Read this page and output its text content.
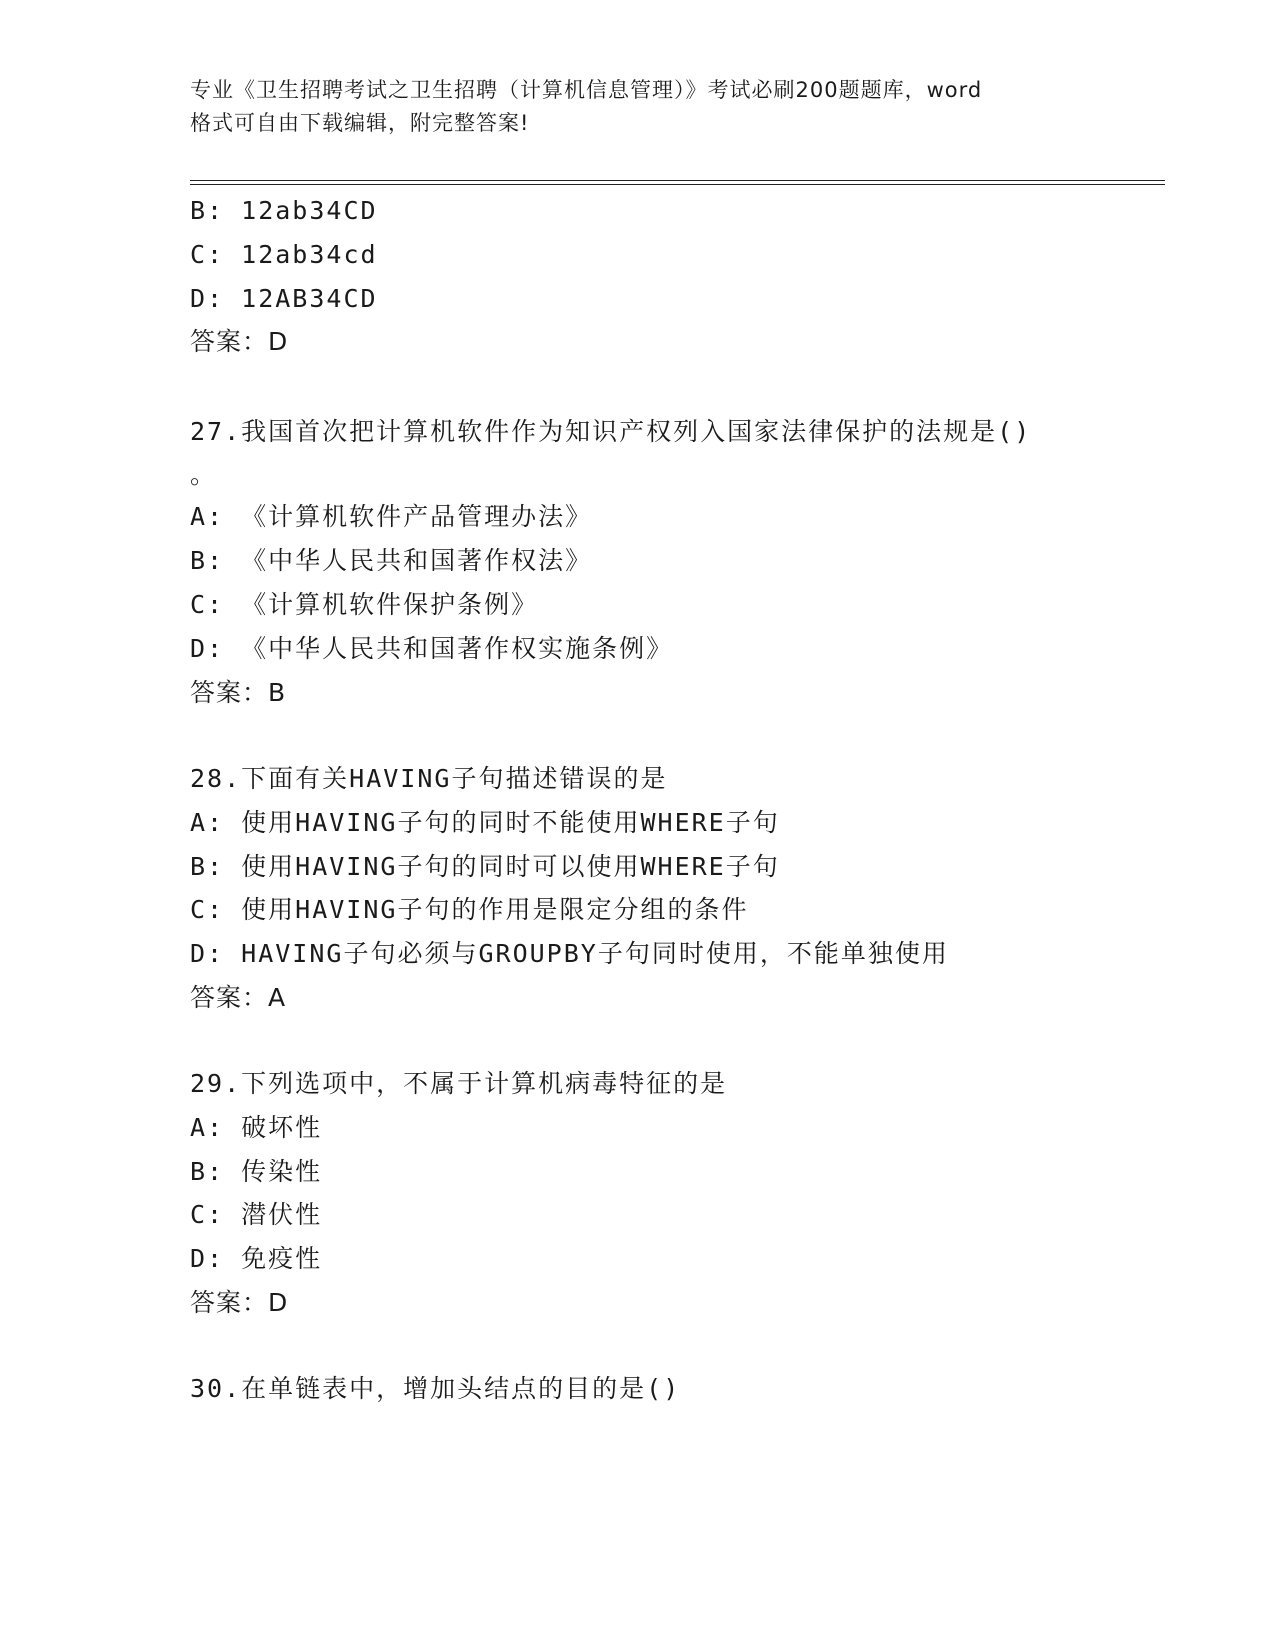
专业《卫生招聘考试之卫生招聘（计算机信息管理）》考试必刷200题题库，word
格式可自由下载编辑，附完整答案!
B: 12ab34CD
C: 12ab34cd
D: 12AB34CD
答案：D
27.我国首次把计算机软件作为知识产权列入国家法律保护的法规是()
。
A: 《计算机软件产品管理办法》
B: 《中华人民共和国著作权法》
C: 《计算机软件保护条例》
D: 《中华人民共和国著作权实施条例》
答案：B
28.下面有关HAVING子句描述错误的是
A: 使用HAVING子句的同时不能使用WHERE子句
B: 使用HAVING子句的同时可以使用WHERE子句
C: 使用HAVING子句的作用是限定分组的条件
D: HAVING子句必须与GROUPBY子句同时使用，不能单独使用
答案：A
29.下列选项中，不属于计算机病毒特征的是
A: 破坏性
B: 传染性
C: 潜伏性
D: 免疫性
答案：D
30.在单链表中，增加头结点的目的是()
